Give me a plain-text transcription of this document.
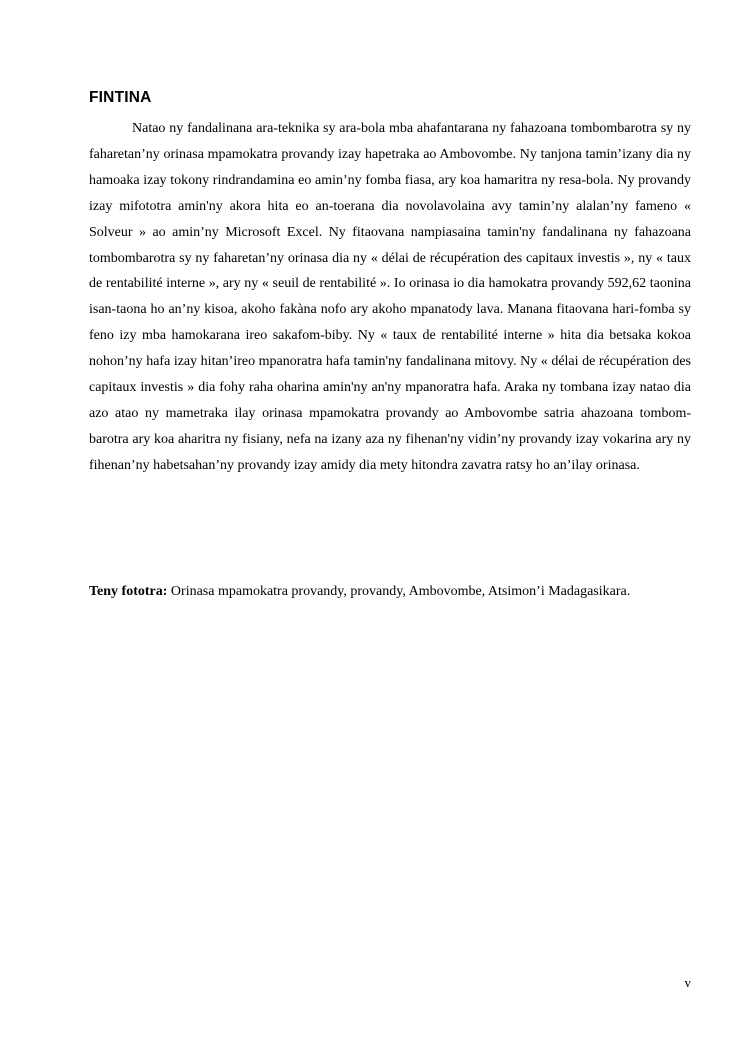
FINTINA

Natao ny fandalinana ara-teknika sy ara-bola mba ahafantarana ny fahazoana tombombarotra sy ny faharetan’ny orinasa mpamokatra provandy izay hapetraka ao Ambovombe. Ny tanjona tamin’izany dia ny hamoaka izay tokony rindrandamina eo amin’ny fomba fiasa, ary koa hamaritra ny resa-bola. Ny provandy izay mifototra amin'ny akora hita eo an-toerana dia novolavolaina avy tamin’ny alalan’ny fameno « Solveur » ao amin’ny Microsoft Excel. Ny fitaovana nampiasaina tamin'ny fandalinana ny fahazoana tombombarotra sy ny faharetan’ny orinasa dia ny « délai de récupération des capitaux investis », ny « taux de rentabilité interne », ary ny « seuil de rentabilité ». Io orinasa io dia hamokatra provandy 592,62 taonina isan-taona ho an’ny kisoa, akoho fakàna nofo ary akoho mpanatody lava. Manana fitaovana hari-fomba sy feno izy mba hamokarana ireo sakafom-biby. Ny « taux de rentabilité interne » hita dia betsaka kokoa nohon’ny hafa izay hitan’ireo mpanoratra hafa tamin'ny fandalinana mitovy. Ny « délai de récupération des capitaux investis » dia fohy raha oharina amin'ny an'ny mpanoratra hafa. Araka ny tombana izay natao dia azo atao ny mametraka ilay orinasa mpamokatra provandy ao Ambovombe satria ahazoana tombom-barotra ary koa aharitra ny fisiany, nefa na izany aza ny fihenan'ny vidin’ny provandy izay vokarina ary ny fihenan’ny habetsahan’ny provandy izay amidy dia mety hitondra zavatra ratsy ho an’ilay orinasa.

Teny fototra: Orinasa mpamokatra provandy, provandy, Ambovombe, Atsimon’i Madagasikara.

v
